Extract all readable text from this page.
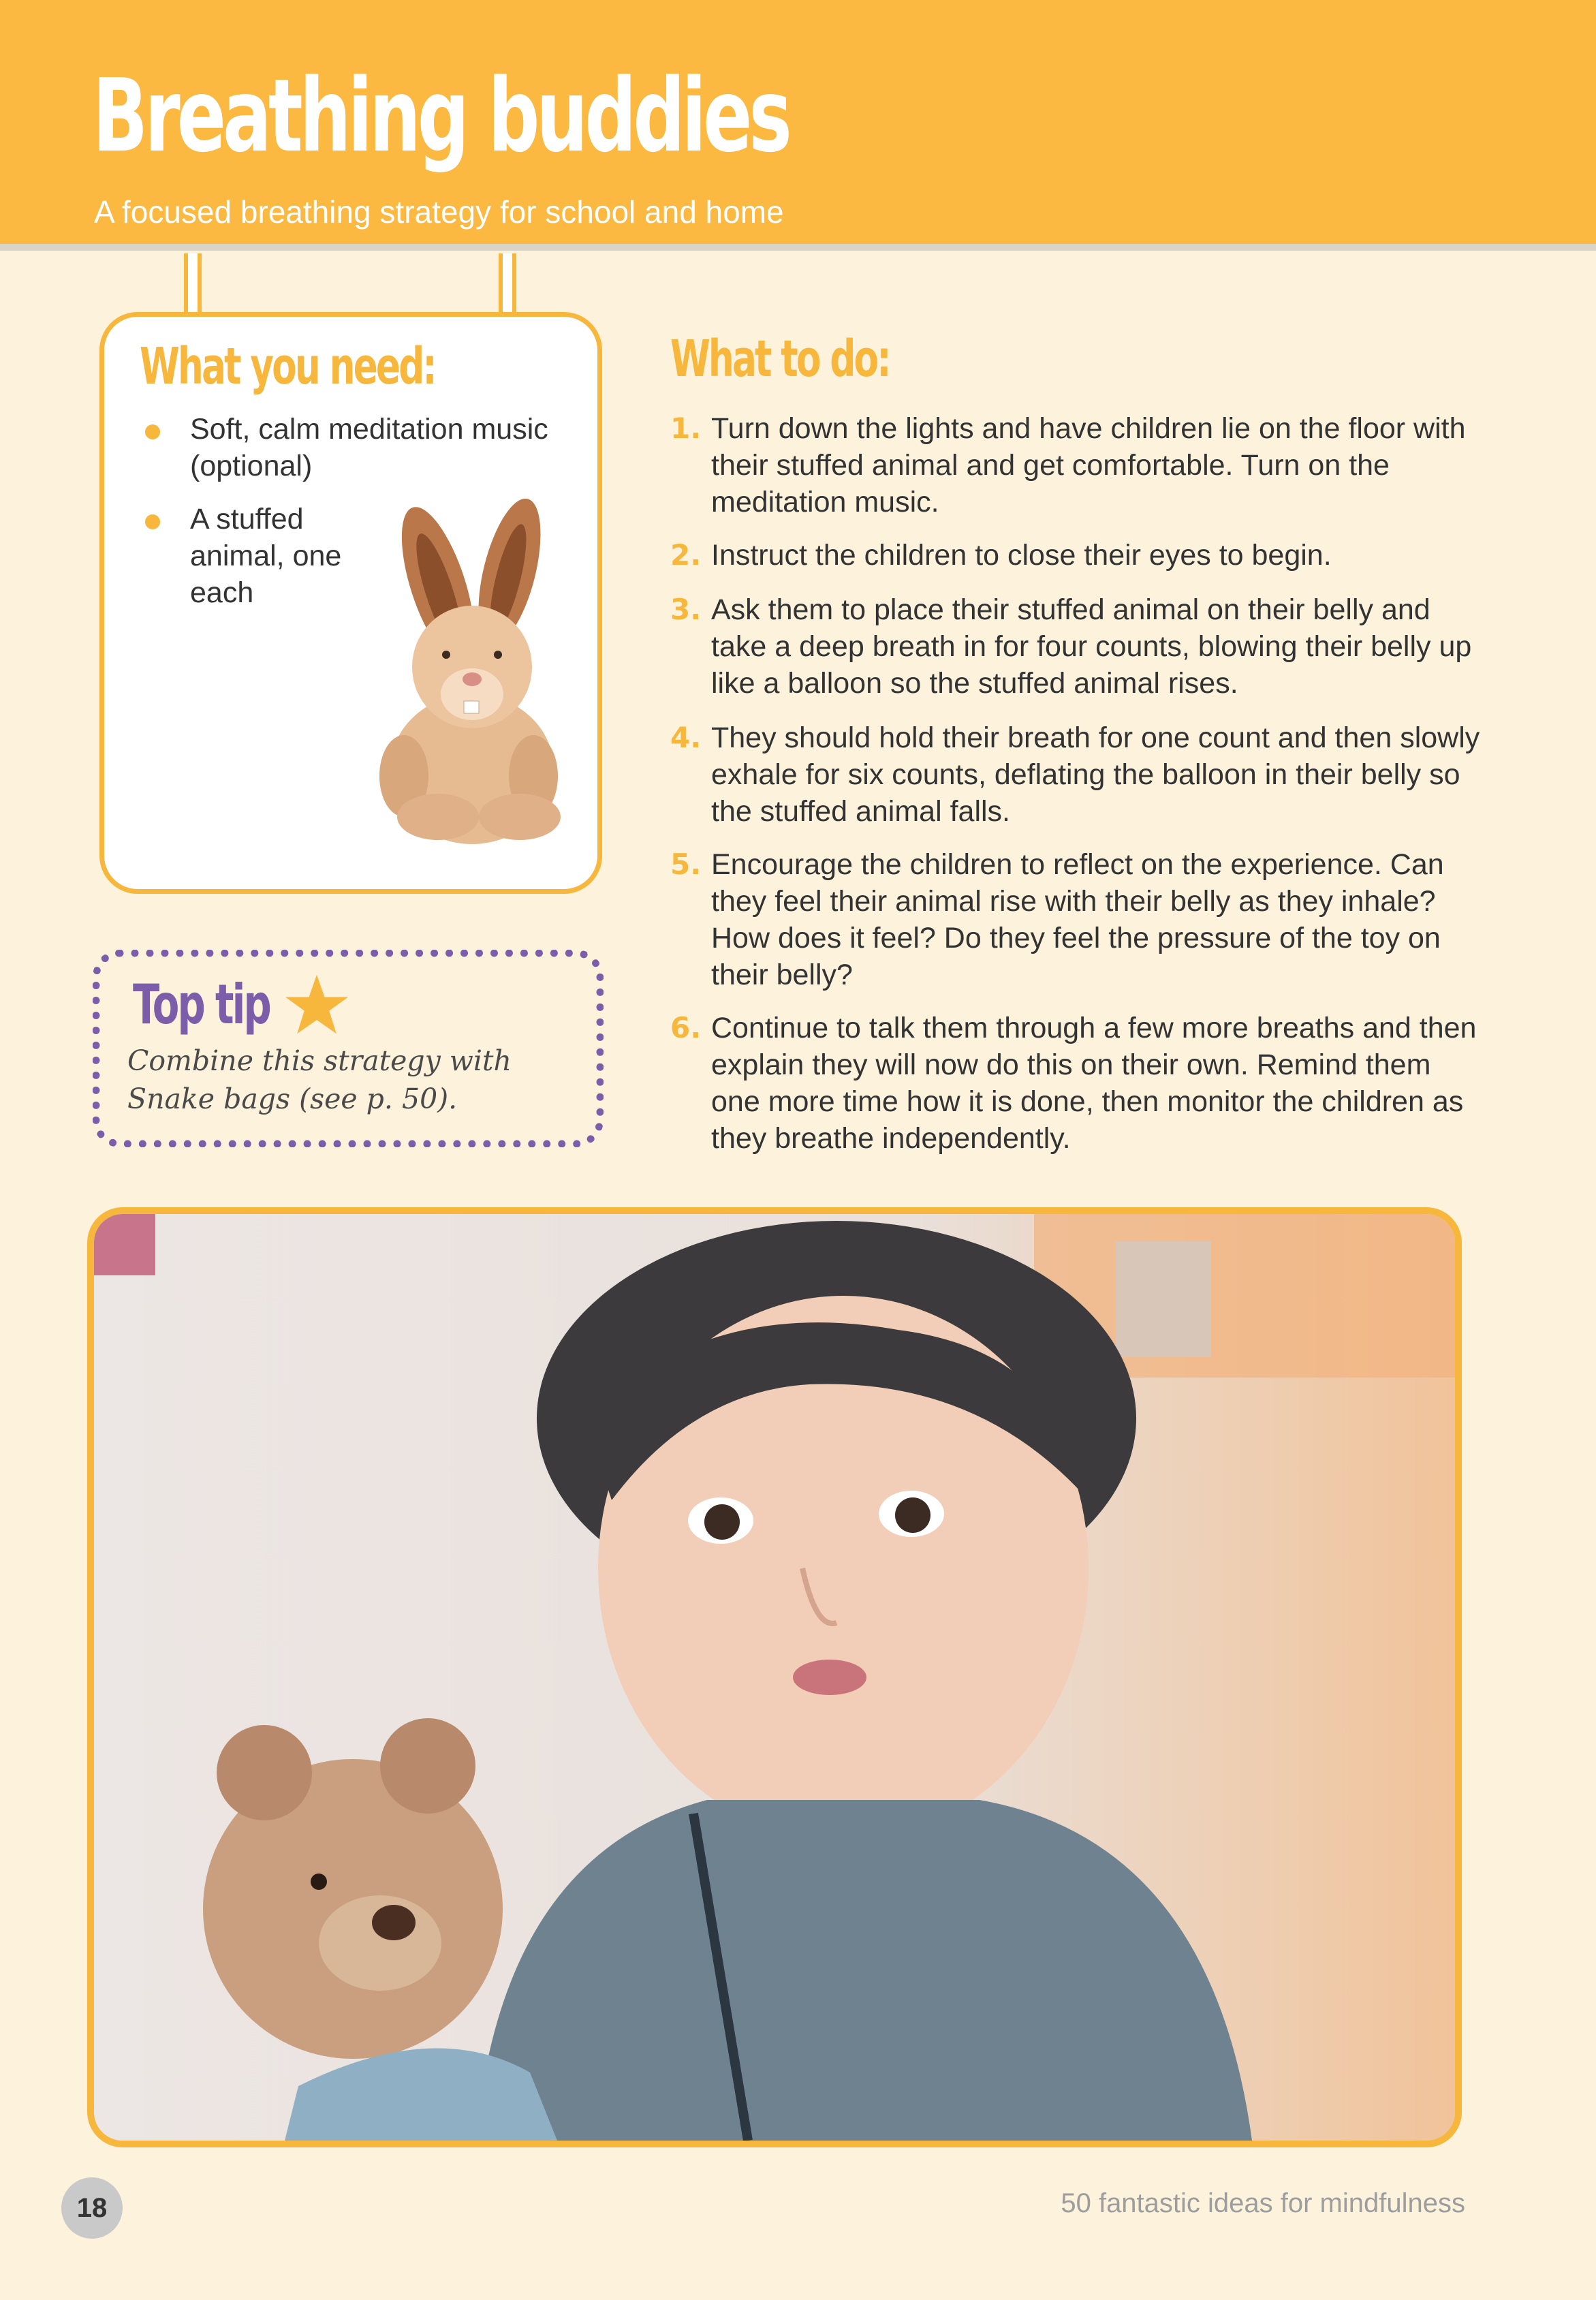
Breathing buddies
A focused breathing strategy for school and home
What you need:
Soft, calm meditation music (optional)
A stuffed animal, one each
Top tip
Combine this strategy with Snake bags (see p. 50).
What to do:
1. Turn down the lights and have children lie on the floor with their stuffed animal and get comfortable. Turn on the meditation music.
2. Instruct the children to close their eyes to begin.
3. Ask them to place their stuffed animal on their belly and take a deep breath in for four counts, blowing their belly up like a balloon so the stuffed animal rises.
4. They should hold their breath for one count and then slowly exhale for six counts, deflating the balloon in their belly so the stuffed animal falls.
5. Encourage the children to reflect on the experience. Can they feel their animal rise with their belly as they inhale? How does it feel? Do they feel the pressure of the toy on their belly?
6. Continue to talk them through a few more breaths and then explain they will now do this on their own. Remind them one more time how it is done, then monitor the children as they breathe independently.
18	50 fantastic ideas for mindfulness
